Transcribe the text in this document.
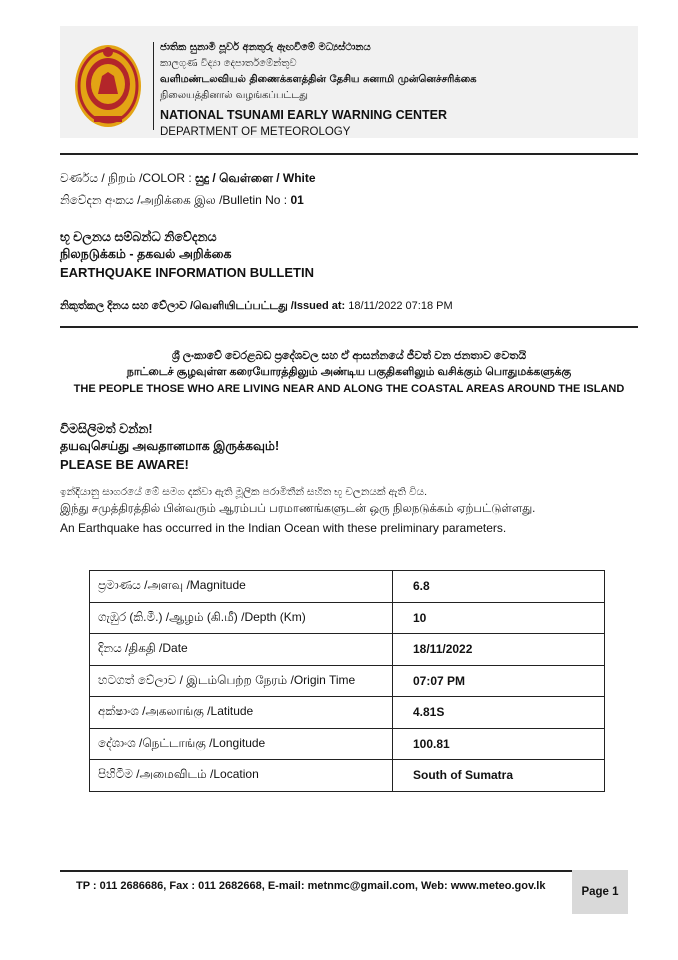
ජාතික සුනාමි පූර්ව අනතුරු ඇඟවීමේ මධ්‍යස්ථානය
කාලගුණ විද්‍යා දෙපාර්තමේන්තුව
வளிமண்டலவியல் திணைக்களத்தின் தேசிய சுனாமி முன்னெச்சரிக்கை
நிலையத்தினால் வழங்கப்பட்டது
NATIONAL TSUNAMI EARLY WARNING CENTER
DEPARTMENT OF METEOROLOGY
වර්ණය / நிறம் /COLOR : සුදු / வெள்ளை / White
නිවේදන අංකය /அறிக்கை இல /Bulletin No : 01
භූ චලනය සම්බන්ධ නිවේදනය
நிலநடுக்கம் - தகவல் அறிக்கை
EARTHQUAKE INFORMATION BULLETIN
නිකුත්කල දිනය සහ වේලාව /வெளியிடப்பட்டது /Issued at: 18/11/2022 07:18 PM
ශ්‍රී ලංකාවේ වෙරළබඩ ප්‍රදේශවල සහ ඒ ආසන්නයේ ජීවත් වන ජනතාව වෙතයි
நாட்டைச் சூழவுள்ள கரையோரத்திலும் அண்டிய பகுதிகளிலும் வசிக்கும் பொதுமக்களுக்கு
THE PEOPLE THOSE WHO ARE LIVING NEAR AND ALONG THE COASTAL AREAS AROUND THE ISLAND
විමසිලිමත් වන්න!
தயவுசெய்து அவதானமாக இருக்கவும்!
PLEASE BE AWARE!
ඉන්දියානු සාගරයේ මේ සමග දක්වා ඇති මූලික පරාමිතීන් සහිත භූ චලනයක් ඇති විය.
இந்து சமுத்திரத்தில் பின்வரும் ஆரம்பப் பரமாணங்களுடன் ஒரு நிலநடுக்கம் ஏற்பட்டுள்ளது.
An Earthquake has occurred in the Indian Ocean with these preliminary parameters.
ප්‍රමාණය /அளவு /Magnitude	6.8
ගැඹුර (කි.මී.) /ஆழம் (கி.மீ) /Depth (Km)	10
දිනය /திகதி /Date	18/11/2022
හටගත් වේලාව / இடம்பெற்ற நேரம் /Origin Time	07:07 PM
අක්ෂාංශ /அகலாங்கு /Latitude	4.81S
දේශාංශ /நெட்டாங்கு /Longitude	100.81
පිහිටීම /அமைவிடம் /Location	South of Sumatra
TP : 011 2686686, Fax : 011 2682668, E-mail: metnmc@gmail.com, Web: www.meteo.gov.lk	Page 1
